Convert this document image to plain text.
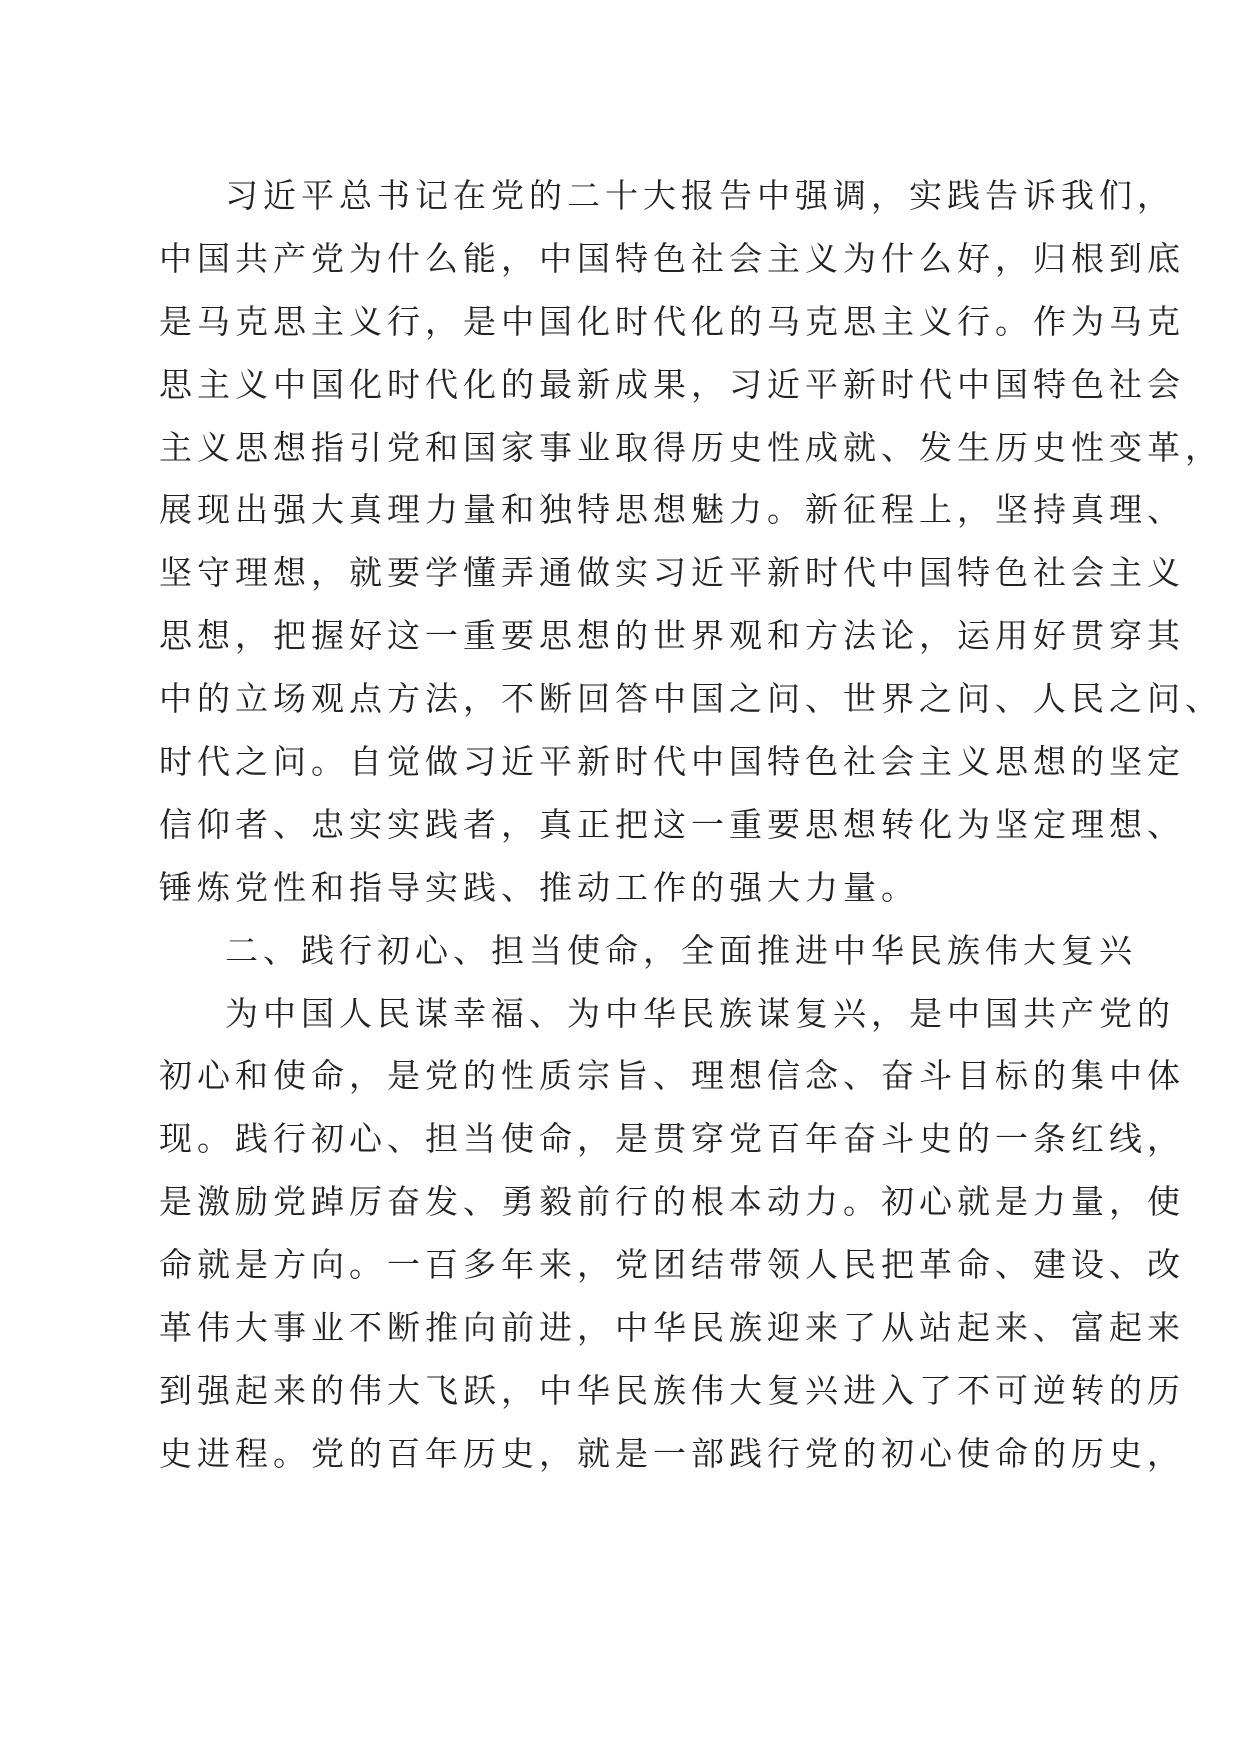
习近平总书记在党的二十大报告中强调，实践告诉我们，
中国共产党为什么能，中国特色社会主义为什么好，归根到底
是马克思主义行，是中国化时代化的马克思主义行。作为马克
思主义中国化时代化的最新成果，习近平新时代中国特色社会
主义思想指引党和国家事业取得历史性成就、发生历史性变革，
展现出强大真理力量和独特思想魅力。新征程上，坚持真理、
坚守理想，就要学懂弄通做实习近平新时代中国特色社会主义
思想，把握好这一重要思想的世界观和方法论，运用好贯穿其
中的立场观点方法，不断回答中国之问、世界之问、人民之问、
时代之问。自觉做习近平新时代中国特色社会主义思想的坚定
信仰者、忠实实践者，真正把这一重要思想转化为坚定理想、
锤炼党性和指导实践、推动工作的强大力量。
二、践行初心、担当使命，全面推进中华民族伟大复兴
为中国人民谋幸福、为中华民族谋复兴，是中国共产党的
初心和使命，是党的性质宗旨、理想信念、奋斗目标的集中体
现。践行初心、担当使命，是贯穿党百年奋斗史的一条红线，
是激励党踔厉奋发、勇毅前行的根本动力。初心就是力量，使
命就是方向。一百多年来，党团结带领人民把革命、建设、改
革伟大事业不断推向前进，中华民族迎来了从站起来、富起来
到强起来的伟大飞跃，中华民族伟大复兴进入了不可逆转的历
史进程。党的百年历史，就是一部践行党的初心使命的历史，
